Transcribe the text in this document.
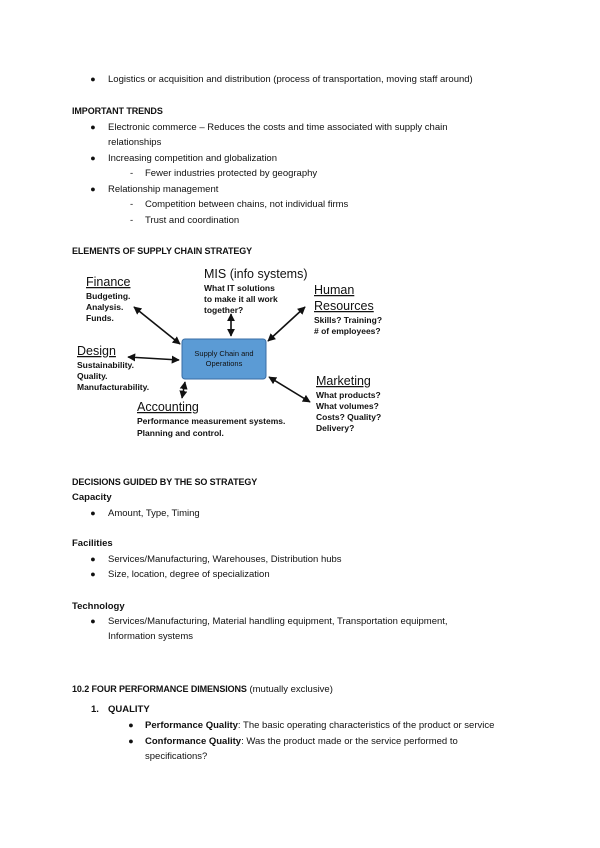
● Logistics or acquisition and distribution (process of transportation, moving staff around)
IMPORTANT TRENDS
● Electronic commerce – Reduces the costs and time associated with supply chain
relationships
● Increasing competition and globalization
- Fewer industries protected by geography
● Relationship management
- Competition between chains, not individual firms
- Trust and coordination
ELEMENTS OF SUPPLY CHAIN STRATEGY
Supply Chain and
Operations
Finance
Budgeting.
Analysis.
Funds.
MIS (info systems)
What IT solutions
to make it all work
together?
Human
Resources
Skills? Training?
# of employees?
Design
Sustainability.
Quality.
Manufacturability.	Marketing
What products?
What volumes?
Costs? Quality?
Delivery?
Accounting
Performance measurement systems.
Planning and control.
DECISIONS GUIDED BY THE SO STRATEGY
Capacity
● Amount, Type, Timing
Facilities
● Services/Manufacturing, Warehouses, Distribution hubs
● Size, location, degree of specialization
Technology
● Services/Manufacturing, Material handling equipment, Transportation equipment,
Information systems
10.2 FOUR PERFORMANCE DIMENSIONS (mutually exclusive)
1. QUALITY
● Performance Quality: The basic operating characteristics of the product or service
● Conformance Quality: Was the product made or the service performed to
specifications?
